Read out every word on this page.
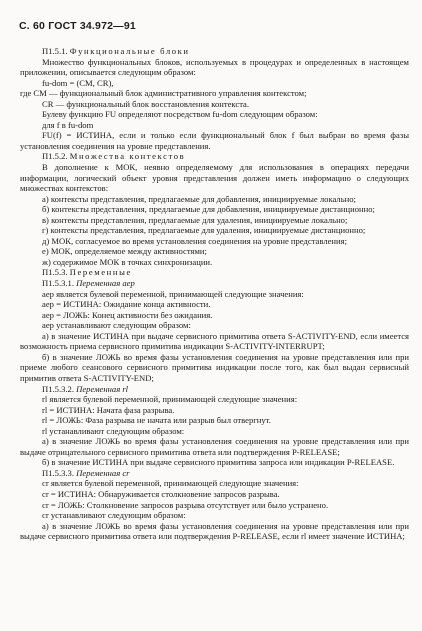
С. 60 ГОСТ 34.972—91

П1.5.1. Функциональные блоки

Множество функциональных блоков, используемых в процедурах и определенных в настоящем приложении, описывается следующим образом:

fu-dom = (CM, CR),

где CM — функциональный блок административного управления контекстом;

CR — функциональный блок восстановления контекста.

Булеву функцию FU определяют посредством fu-dom следующим образом:

для f в fu-dom

FU(f) = ИСТИНА, если и только если функциональный блок f был выбран во время фазы установления соединения на уровне представления.

П1.5.2. Множества контекстов

В дополнение к МОК, неявно определяемому для использования в операциях передачи информации, логический объект уровня представления должен иметь информацию о следующих множествах контекстов:

а) контексты представления, предлагаемые для добавления, инициируемые локально;

б) контексты представления, предлагаемые для добавления, инициируемые дистанционно;

в) контексты представления, предлагаемые для удаления, инициируемые локально;

г) контексты представления, предлагаемые для удаления, инициируемые дистанционно;

д) МОК, согласуемое во время установления соединения на уровне представления;

е) МОК, определяемое между активностями;

ж) содержимое МОК в точках синхронизации.

П1.5.3. Переменные

П1.5.3.1. Переменная аер

аер является булевой переменной, принимающей следующие значения:

аер = ИСТИНА: Ожидание конца активности.

аер = ЛОЖЬ: Конец активности без ожидания.

аер устанавливают следующим образом:

а) в значение ИСТИНА при выдаче сервисного примитива ответа S-ACTIVITY-END, если имеется возможность приема сервисного примитива индикации S-ACTIVITY-INTERRUPT;

б) в значение ЛОЖЬ во время фазы установления соединения на уровне представления или при приеме любого сеансового сервисного примитива индикации после того, как был выдан сервисный примитив ответа S-ACTIVITY-END;

П1.5.3.2. Переменная rl

rl является булевой переменной, принимающей следующие значения:

rl = ИСТИНА: Начата фаза разрыва.

rl = ЛОЖЬ: Фаза разрыва не начата или разрыв был отвергнут.

rl устанавливают следующим образом:

а) в значение ЛОЖЬ во время фазы установления соединения на уровне представления или при выдаче отрицательного сервисного примитива ответа или подтверждения P-RELEASE;

б) в значение ИСТИНА при выдаче сервисного примитива запроса или индикации P-RELEASE.

П1.5.3.3. Переменная cr

cr является булевой переменной, принимающей следующие значения:

cr = ИСТИНА: Обнаруживается столкновение запросов разрыва.

cr = ЛОЖЬ: Столкновение запросов разрыва отсутствует или было устранено.

cr устанавливают следующим образом:

а) в значение ЛОЖЬ во время фазы установления соединения на уровне представления или при выдаче сервисного примитива ответа или подтверждения P-RELEASE, если rl имеет значение ИСТИНА;
